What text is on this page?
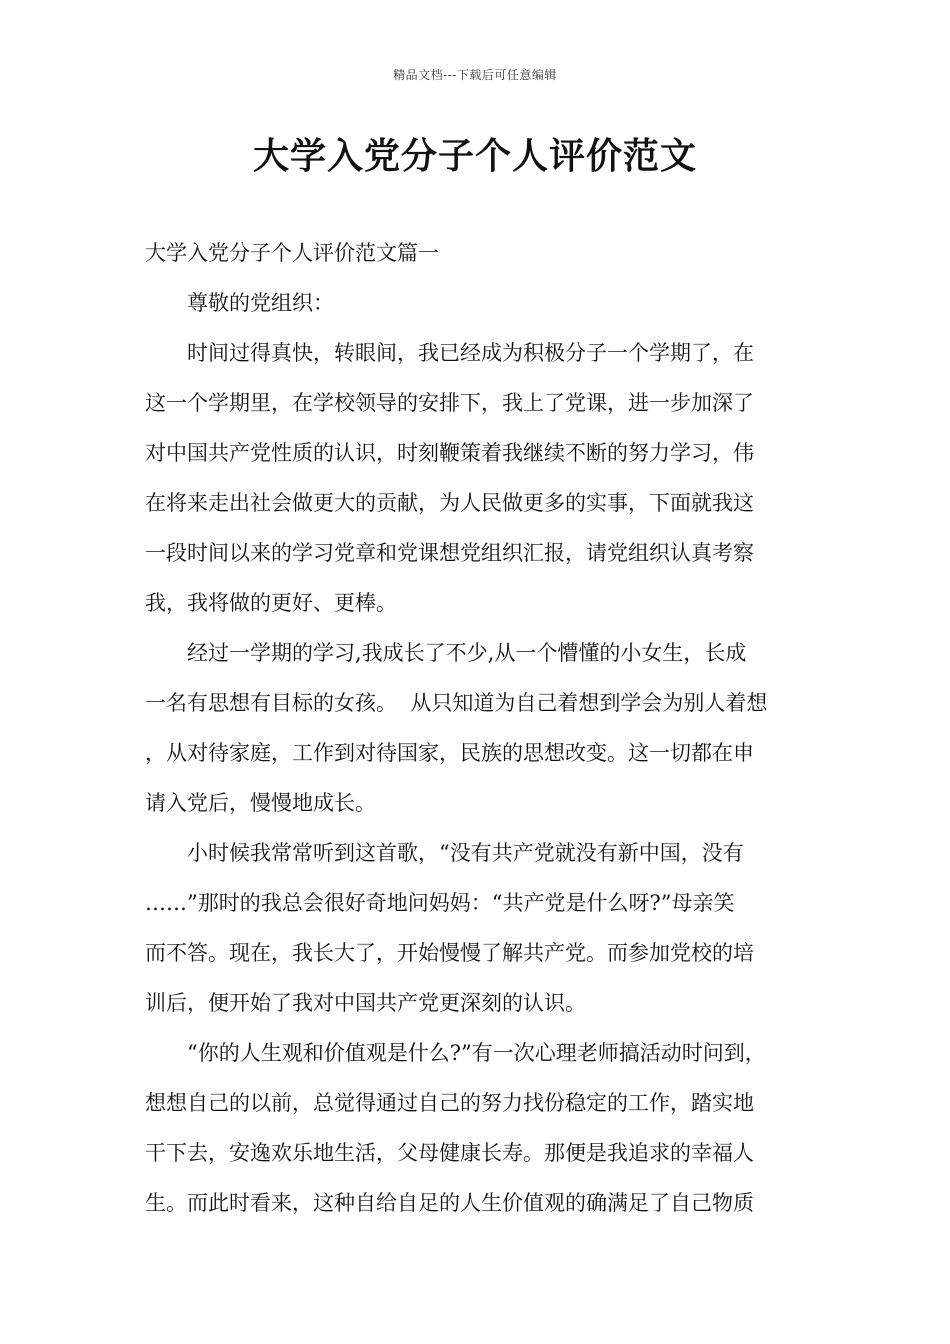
精品文档---下载后可任意编辑
大学入党分子个人评价范文

大学入党分子个人评价范文篇一

尊敬的党组织：

时间过得真快，转眼间，我已经成为积极分子一个学期了，在
这一个学期里，在学校领导的安排下，我上了党课，进一步加深了
对中国共产党性质的认识，时刻鞭策着我继续不断的努力学习，伟
在将来走出社会做更大的贡献，为人民做更多的实事，下面就我这
一段时间以来的学习党章和党课想党组织汇报，请党组织认真考察
我，我将做的更好、更棒。

经过一学期的学习,我成长了不少,从一个懵懂的小女生，长成
一名有思想有目标的女孩。  从只知道为自己着想到学会为别人着想
，从对待家庭，工作到对待国家，民族的思想改变。这一切都在申
请入党后，慢慢地成长。

小时候我常常听到这首歌，“没有共产党就没有新中国，没有
……”那时的我总会很好奇地问妈妈：“共产党是什么呀?”母亲笑
而不答。现在，我长大了，开始慢慢了解共产党。而参加党校的培
训后，便开始了我对中国共产党更深刻的认识。

“你的人生观和价值观是什么?”有一次心理老师搞活动时问到，
想想自己的以前，总觉得通过自己的努力找份稳定的工作，踏实地
干下去，安逸欢乐地生活，父母健康长寿。那便是我追求的幸福人
生。而此时看来，这种自给自足的人生价值观的确满足了自己物质
